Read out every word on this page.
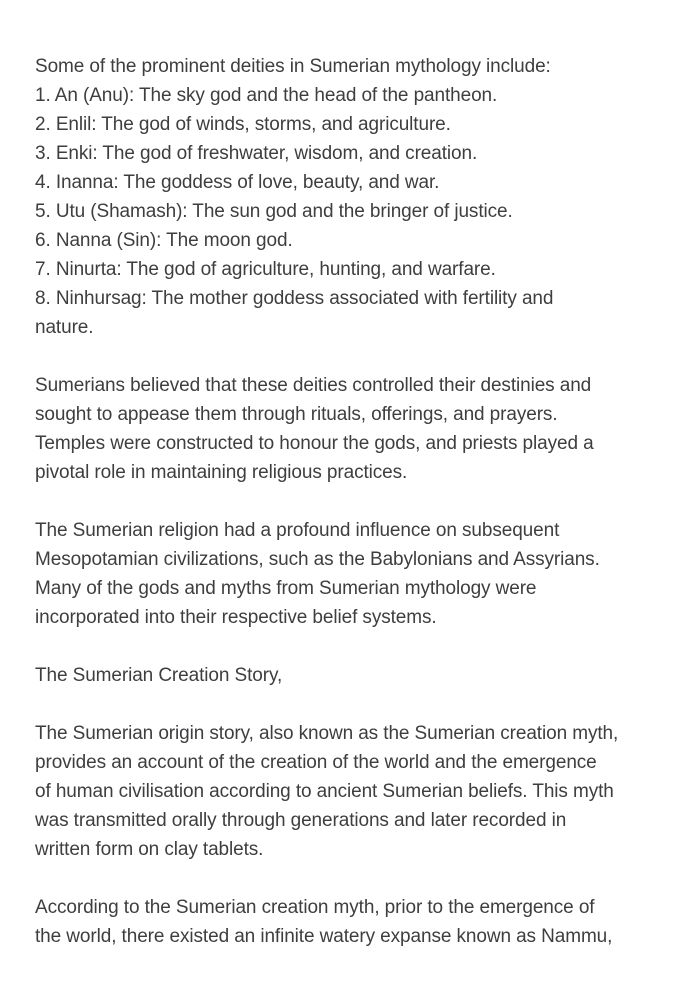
Some of the prominent deities in Sumerian mythology include:
1. An (Anu): The sky god and the head of the pantheon.
2. Enlil: The god of winds, storms, and agriculture.
3. Enki: The god of freshwater, wisdom, and creation.
4. Inanna: The goddess of love, beauty, and war.
5. Utu (Shamash): The sun god and the bringer of justice.
6. Nanna (Sin): The moon god.
7. Ninurta: The god of agriculture, hunting, and warfare.
8. Ninhursag: The mother goddess associated with fertility and
nature.
Sumerians believed that these deities controlled their destinies and
sought to appease them through rituals, offerings, and prayers.
Temples were constructed to honour the gods, and priests played a
pivotal role in maintaining religious practices.
The Sumerian religion had a profound influence on subsequent
Mesopotamian civilizations, such as the Babylonians and Assyrians.
Many of the gods and myths from Sumerian mythology were
incorporated into their respective belief systems.
The Sumerian Creation Story,
The Sumerian origin story, also known as the Sumerian creation myth,
provides an account of the creation of the world and the emergence
of human civilisation according to ancient Sumerian beliefs. This myth
was transmitted orally through generations and later recorded in
written form on clay tablets.
According to the Sumerian creation myth, prior to the emergence of
the world, there existed an infinite watery expanse known as Nammu,
